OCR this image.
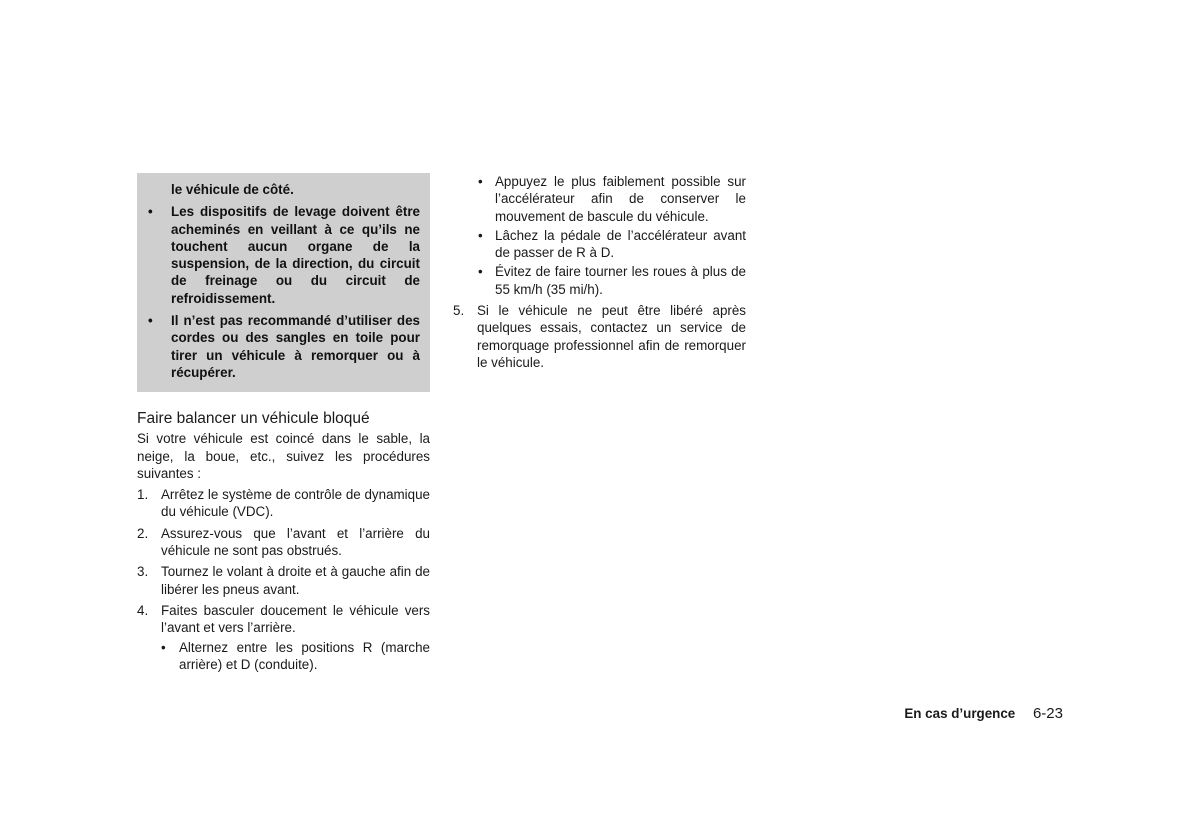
le véhicule de côté.
• Les dispositifs de levage doivent être acheminés en veillant à ce qu’ils ne touchent aucun organe de la suspension, de la direction, du circuit de freinage ou du circuit de refroidissement.
• Il n’est pas recommandé d’utiliser des cordes ou des sangles en toile pour tirer un véhicule à remorquer ou à récupérer.
Faire balancer un véhicule bloqué
Si votre véhicule est coincé dans le sable, la neige, la boue, etc., suivez les procédures suivantes :
1. Arrêtez le système de contrôle de dynamique du véhicule (VDC).
2. Assurez-vous que l’avant et l’arrière du véhicule ne sont pas obstrués.
3. Tournez le volant à droite et à gauche afin de libérer les pneus avant.
4. Faites basculer doucement le véhicule vers l’avant et vers l’arrière.
• Alternez entre les positions R (marche arrière) et D (conduite).
• Appuyez le plus faiblement possible sur l’accélérateur afin de conserver le mouvement de bascule du véhicule.
• Lâchez la pédale de l’accélérateur avant de passer de R à D.
• Évitez de faire tourner les roues à plus de 55 km/h (35 mi/h).
5. Si le véhicule ne peut être libéré après quelques essais, contactez un service de remorquage professionnel afin de remorquer le véhicule.
En cas d’urgence 6-23
